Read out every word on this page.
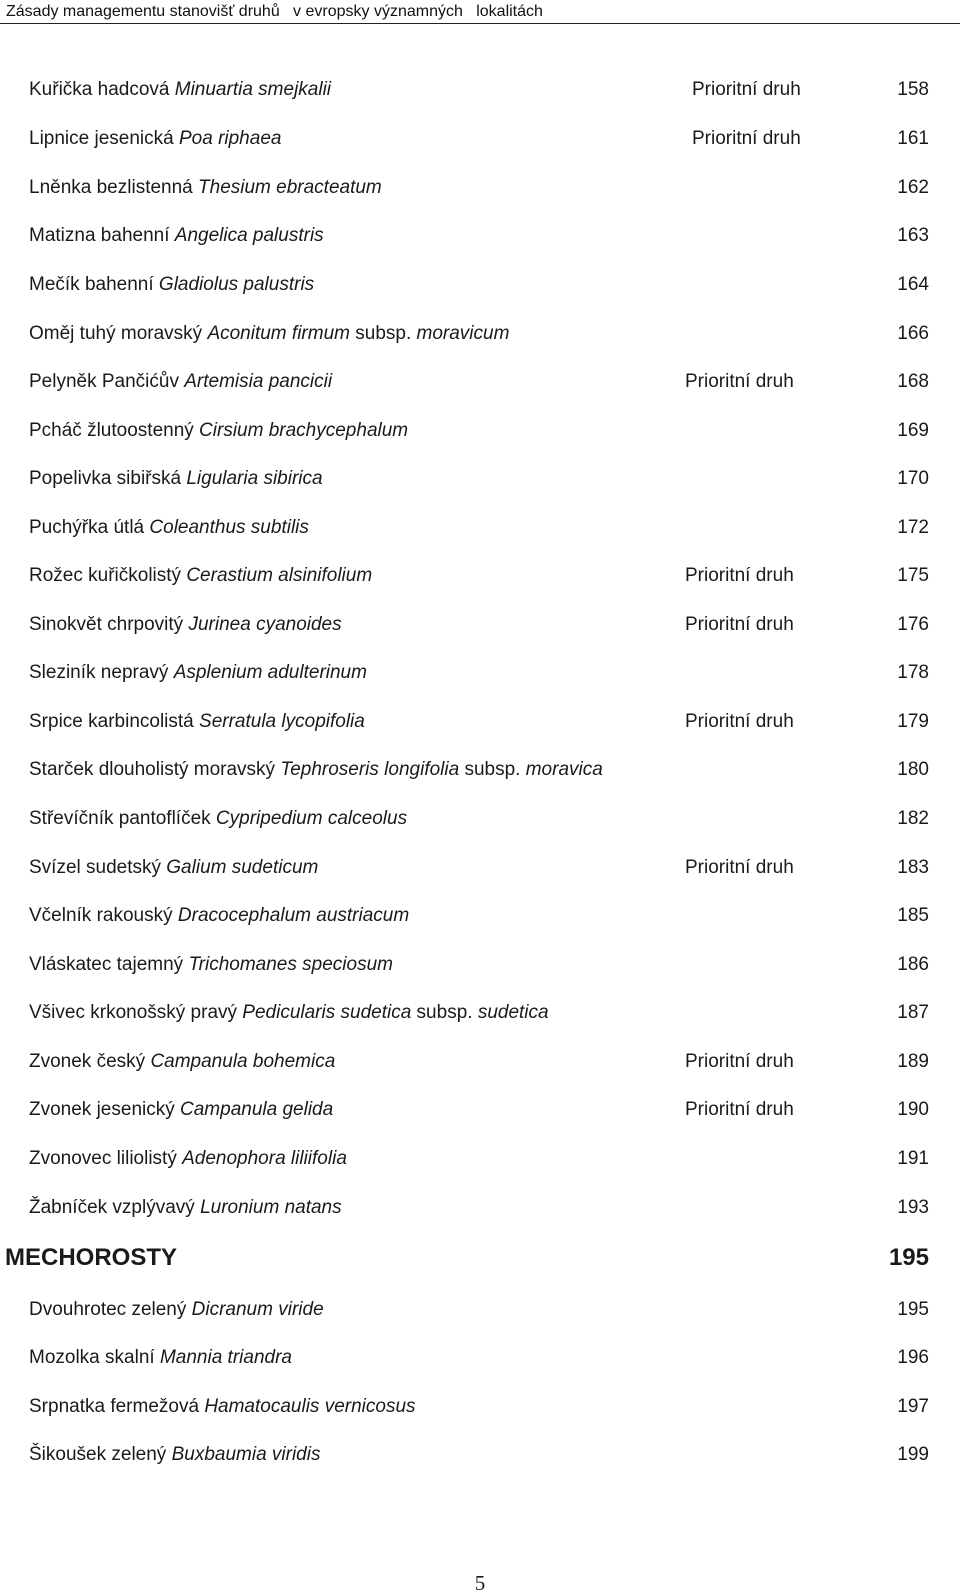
Zásady managementu stanovišť druhů   v evropsky významných   lokalitách
Kuřička hadcová Minuartia smejkalii	Prioritní druh	158
Lipnice jesenická Poa riphaea	Prioritní druh	161
Lněnka bezlistenná Thesium ebracteatum	162
Matizna bahenní Angelica palustris	163
Mečík bahenní Gladiolus palustris	164
Oměj tuhý moravský Aconitum firmum subsp. moravicum	166
Pelyněk Pančićův Artemisia pancicii	Prioritní druh	168
Pcháč žlutoostenný Cirsium brachycephalum	169
Popelivka sibiřská Ligularia sibirica	170
Puchýřka útlá Coleanthus subtilis	172
Rožec kuřičkolistý Cerastium alsinifolium	Prioritní druh	175
Sinokvět chrpovitý Jurinea cyanoides	Prioritní druh	176
Sleziník nepravý Asplenium adulterinum	178
Srpice karbincolistá Serratula lycopifolia	Prioritní druh	179
Starček dlouholistý moravský Tephroseris longifolia subsp. moravica	180
Střevíčník pantoflíček Cypripedium calceolus	182
Svízel sudetský Galium sudeticum	Prioritní druh	183
Včelník rakouský Dracocephalum austriacum	185
Vláskatec tajemný Trichomanes speciosum	186
Všivec krkonošský pravý Pedicularis sudetica subsp. sudetica	187
Zvonek český Campanula bohemica	Prioritní druh	189
Zvonek jesenický Campanula gelida	Prioritní druh	190
Zvonovec liliolistý Adenophora liliifolia	191
Žabníček vzplývavý Luronium natans	193
MECHOROSTY	195
Dvouhrotec zelený Dicranum viride	195
Mozolka skalní Mannia triandra	196
Srpnatka fermežová Hamatocaulis vernicosus	197
Šikoušek zelený Buxbaumia viridis	199
5
